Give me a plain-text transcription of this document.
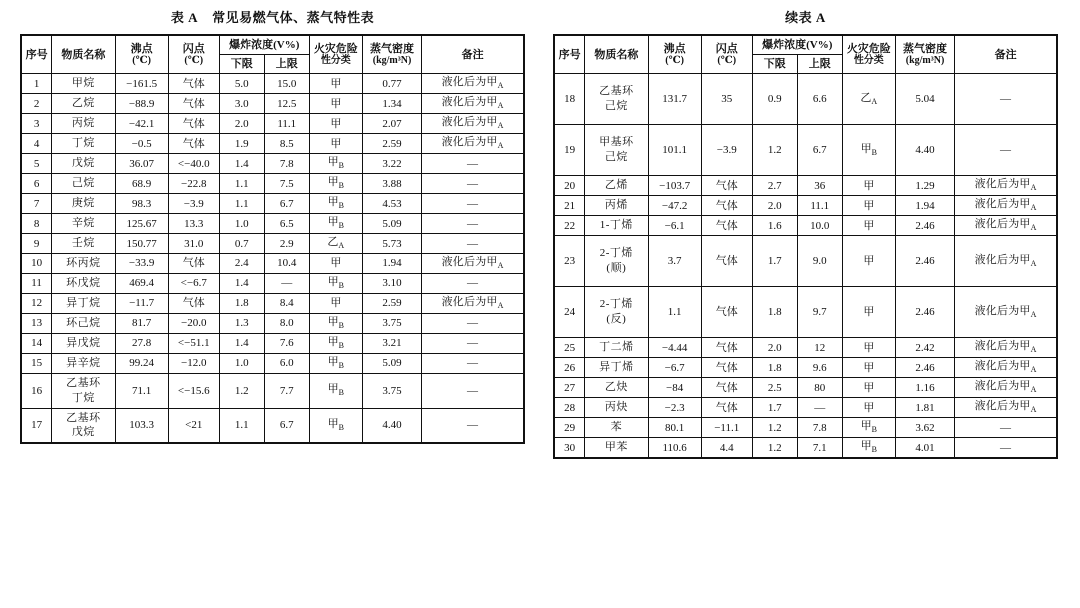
表 A 常见易燃气体、蒸气特性表
序号	物质名称	沸点
(℃)	闪点
(℃)	爆炸浓度(V%)		火灾危险
性分类	蒸气密度
(kg/m³N)	备注
				下限	上限			
1	甲烷	−161.5	气体	5.0	15.0	甲	0.77	液化后为甲$_A$
2	乙烷	−88.9	气体	3.0	12.5	甲	1.34	液化后为甲$_A$
3	丙烷	−42.1	气体	2.0	11.1	甲	2.07	液化后为甲$_A$
4	丁烷	−0.5	气体	1.9	8.5	甲	2.59	液化后为甲$_A$
5	戊烷	36.07	<−40.0	1.4	7.8	甲$_B$	3.22	—
6	己烷	68.9	−22.8	1.1	7.5	甲$_B$	3.88	—
7	庚烷	98.3	−3.9	1.1	6.7	甲$_B$	4.53	—
8	辛烷	125.67	13.3	1.0	6.5	甲$_B$	5.09	—
9	壬烷	150.77	31.0	0.7	2.9	乙$_A$	5.73	—
10	环丙烷	−33.9	气体	2.4	10.4	甲	1.94	液化后为甲$_A$
11	环戊烷	469.4	<−6.7	1.4	—	甲$_B$	3.10	—
12	异丁烷	−11.7	气体	1.8	8.4	甲	2.59	液化后为甲$_A$
13	环己烷	81.7	−20.0	1.3	8.0	甲$_B$	3.75	—
14	异戊烷	27.8	<−51.1	1.4	7.6	甲$_B$	3.21	—
15	异辛烷	99.24	−12.0	1.0	6.0	甲$_B$	5.09	—
16	乙基环
丁烷	71.1	<−15.6	1.2	7.7	甲$_B$	3.75	—
17	乙基环
戊烷	103.3	<21	1.1	6.7	甲$_B$	4.40	—
续表 A
序号	物质名称	沸点
(℃)	闪点
(℃)	爆炸浓度(V%)		火灾危险
性分类	蒸气密度
(kg/m³N)	备注
				下限	上限			
18	乙基环
己烷	131.7	35	0.9	6.6	乙$_A$	5.04	—
19	甲基环
己烷	101.1	−3.9	1.2	6.7	甲$_B$	4.40	—
20	乙烯	−103.7	气体	2.7	36	甲	1.29	液化后为甲$_A$
21	丙烯	−47.2	气体	2.0	11.1	甲	1.94	液化后为甲$_A$
22	1-丁烯	−6.1	气体	1.6	10.0	甲	2.46	液化后为甲$_A$
23	2-丁烯
(顺)	3.7	气体	1.7	9.0	甲	2.46	液化后为甲$_A$
24	2-丁烯
(反)	1.1	气体	1.8	9.7	甲	2.46	液化后为甲$_A$
25	丁二烯	−4.44	气体	2.0	12	甲	2.42	液化后为甲$_A$
26	异丁烯	−6.7	气体	1.8	9.6	甲	2.46	液化后为甲$_A$
27	乙炔	−84	气体	2.5	80	甲	1.16	液化后为甲$_A$
28	丙炔	−2.3	气体	1.7	—	甲	1.81	液化后为甲$_A$
29	苯	80.1	−11.1	1.2	7.8	甲$_B$	3.62	—
30	甲苯	110.6	4.4	1.2	7.1	甲$_B$	4.01	—
